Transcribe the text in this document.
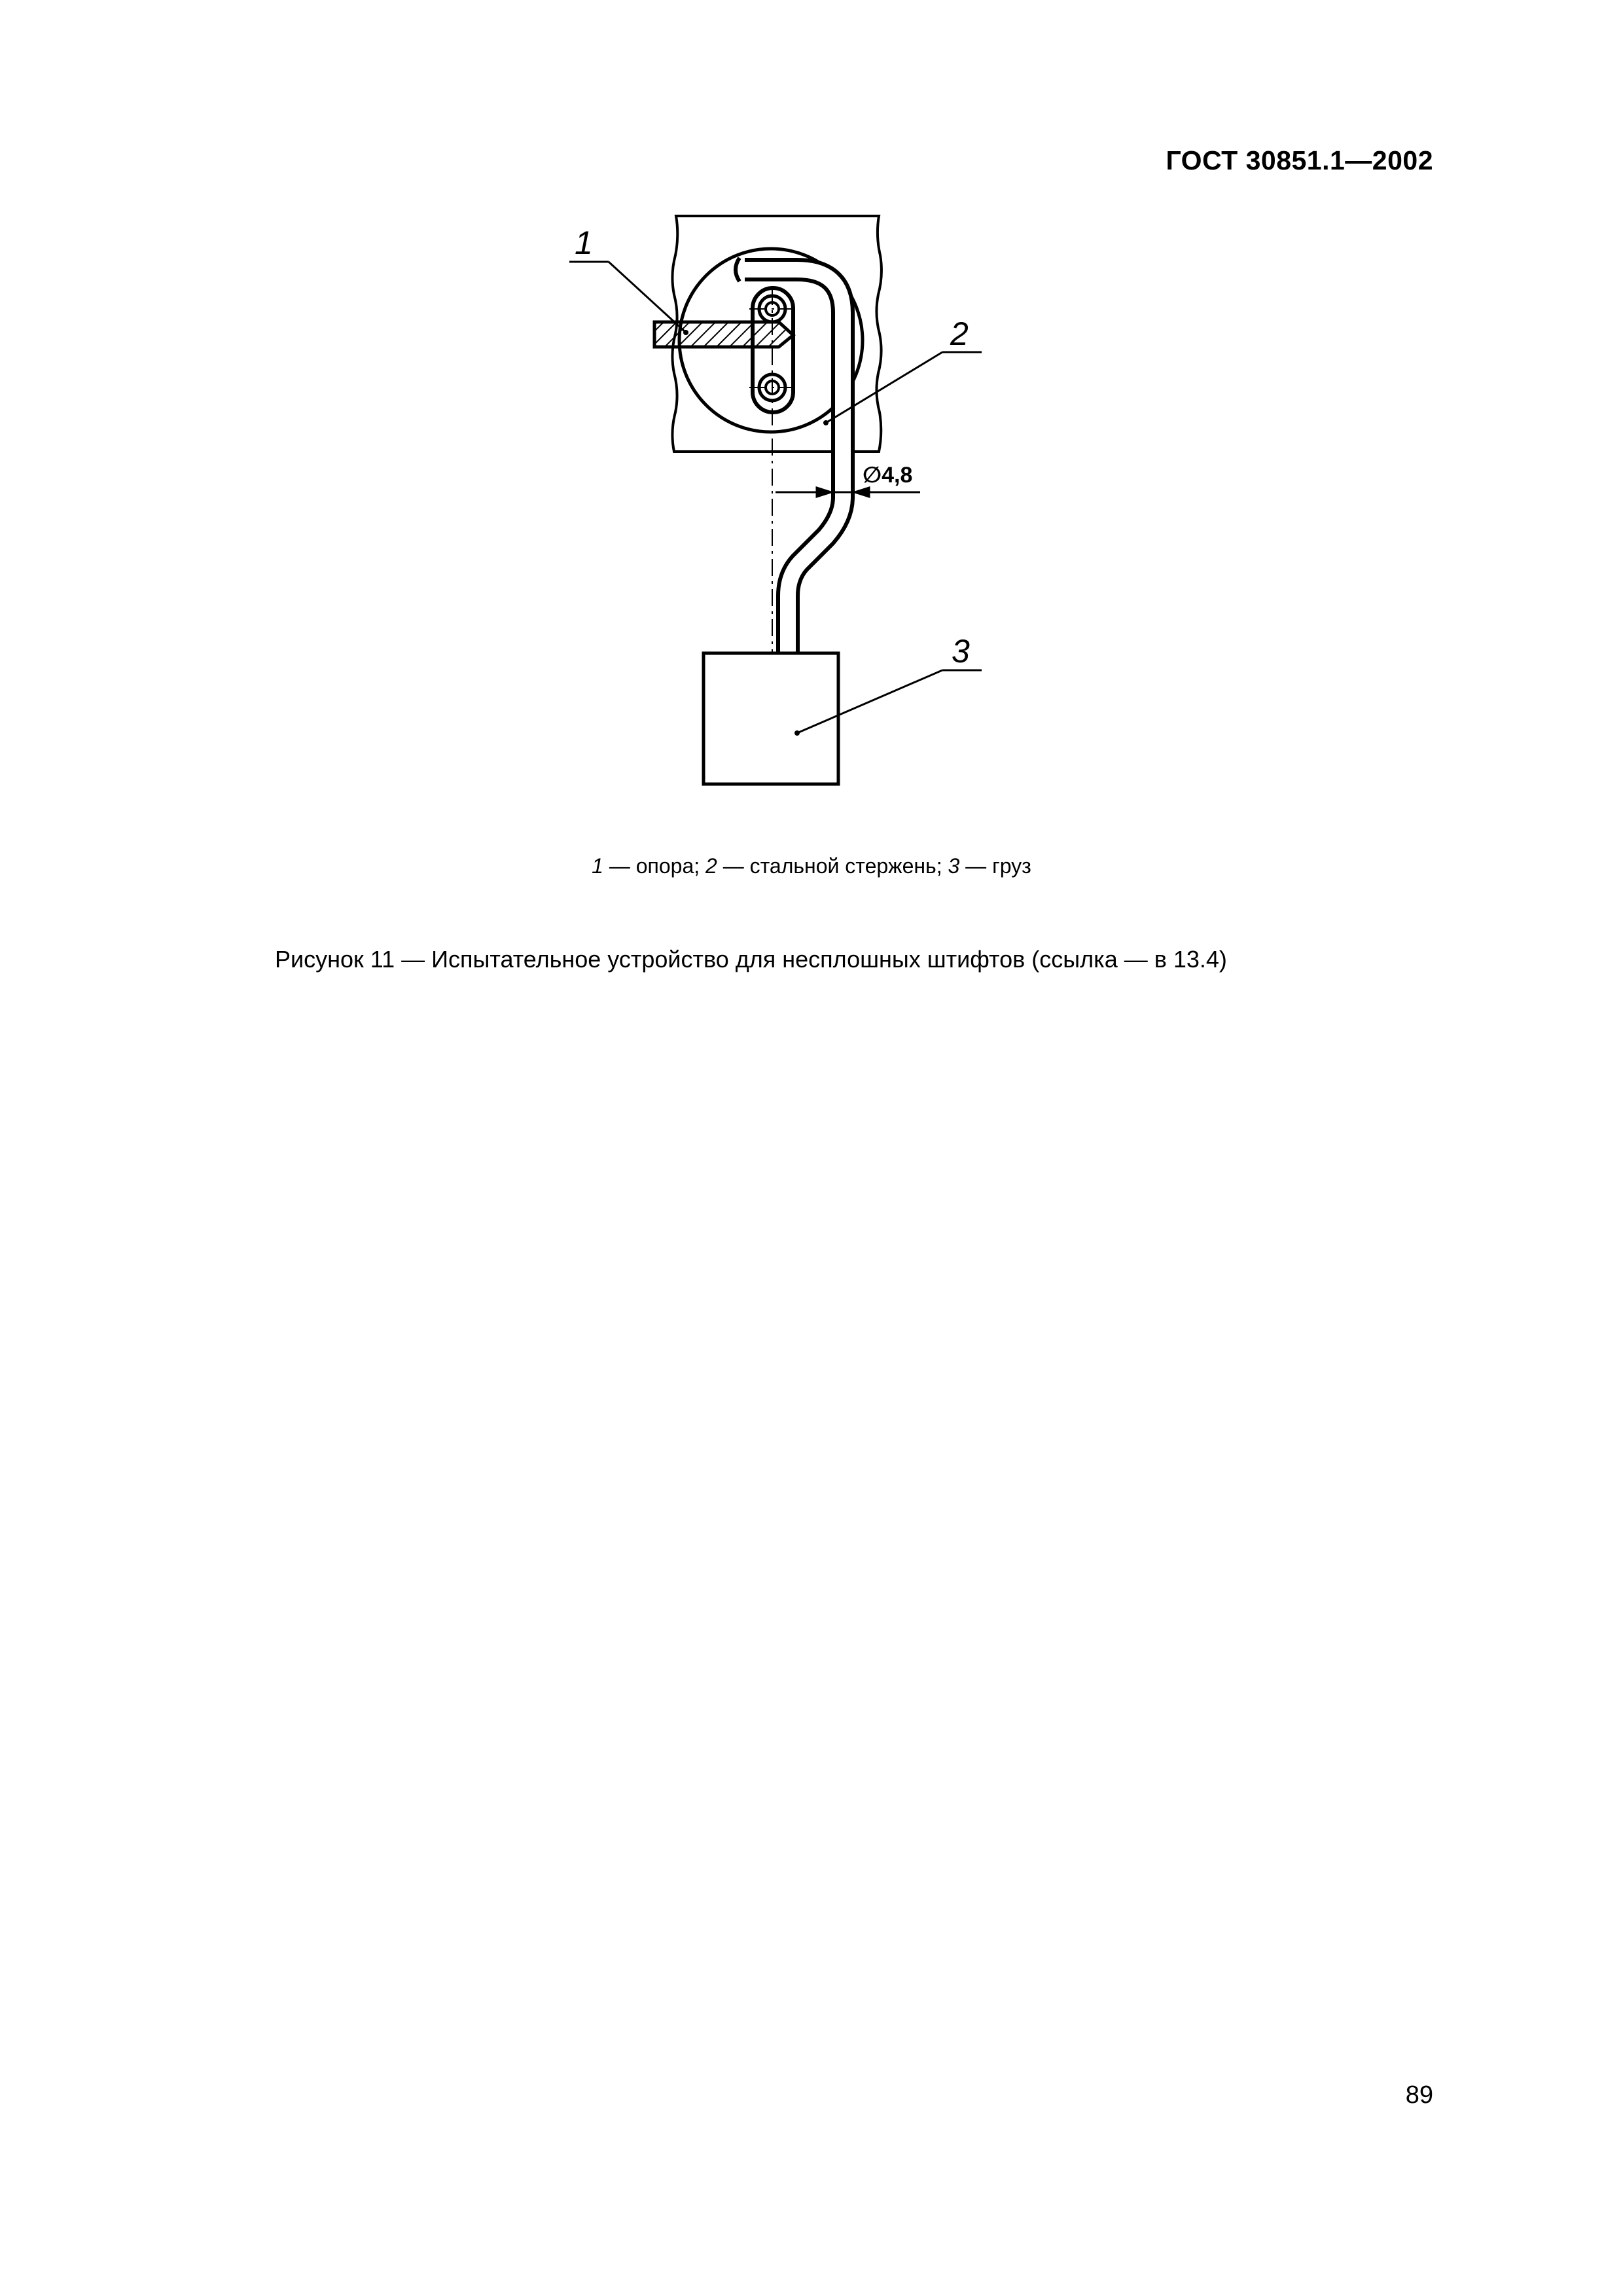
ГОСТ 30851.1—2002
∅4,8
1
2
3
1 — опора; 2 — стальной стержень; 3 — груз
Рисунок 11 — Испытательное устройство для несплошных штифтов (ссылка — в 13.4)
89
